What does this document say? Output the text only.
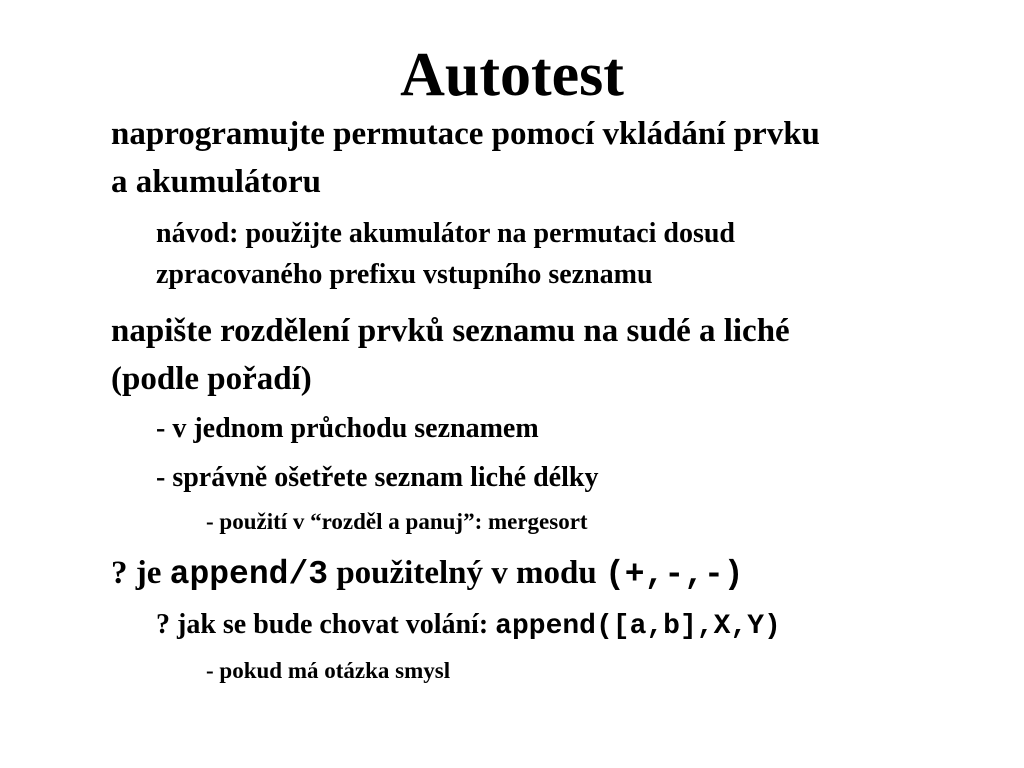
Autotest
naprogramujte permutace pomocí vkládání prvku
a akumulátoru
návod: použijte akumulátor na permutaci dosud
zpracovaného prefixu vstupního seznamu
napište rozdělení prvků seznamu na sudé a liché
(podle pořadí)
- v jednom průchodu seznamem
- správně ošetřete seznam liché délky
- použití v “rozděl a panuj”: mergesort
? je append/3 použitelný v modu (+,-,-)
? jak se bude chovat volání: append([a,b],X,Y)
- pokud má otázka smysl
